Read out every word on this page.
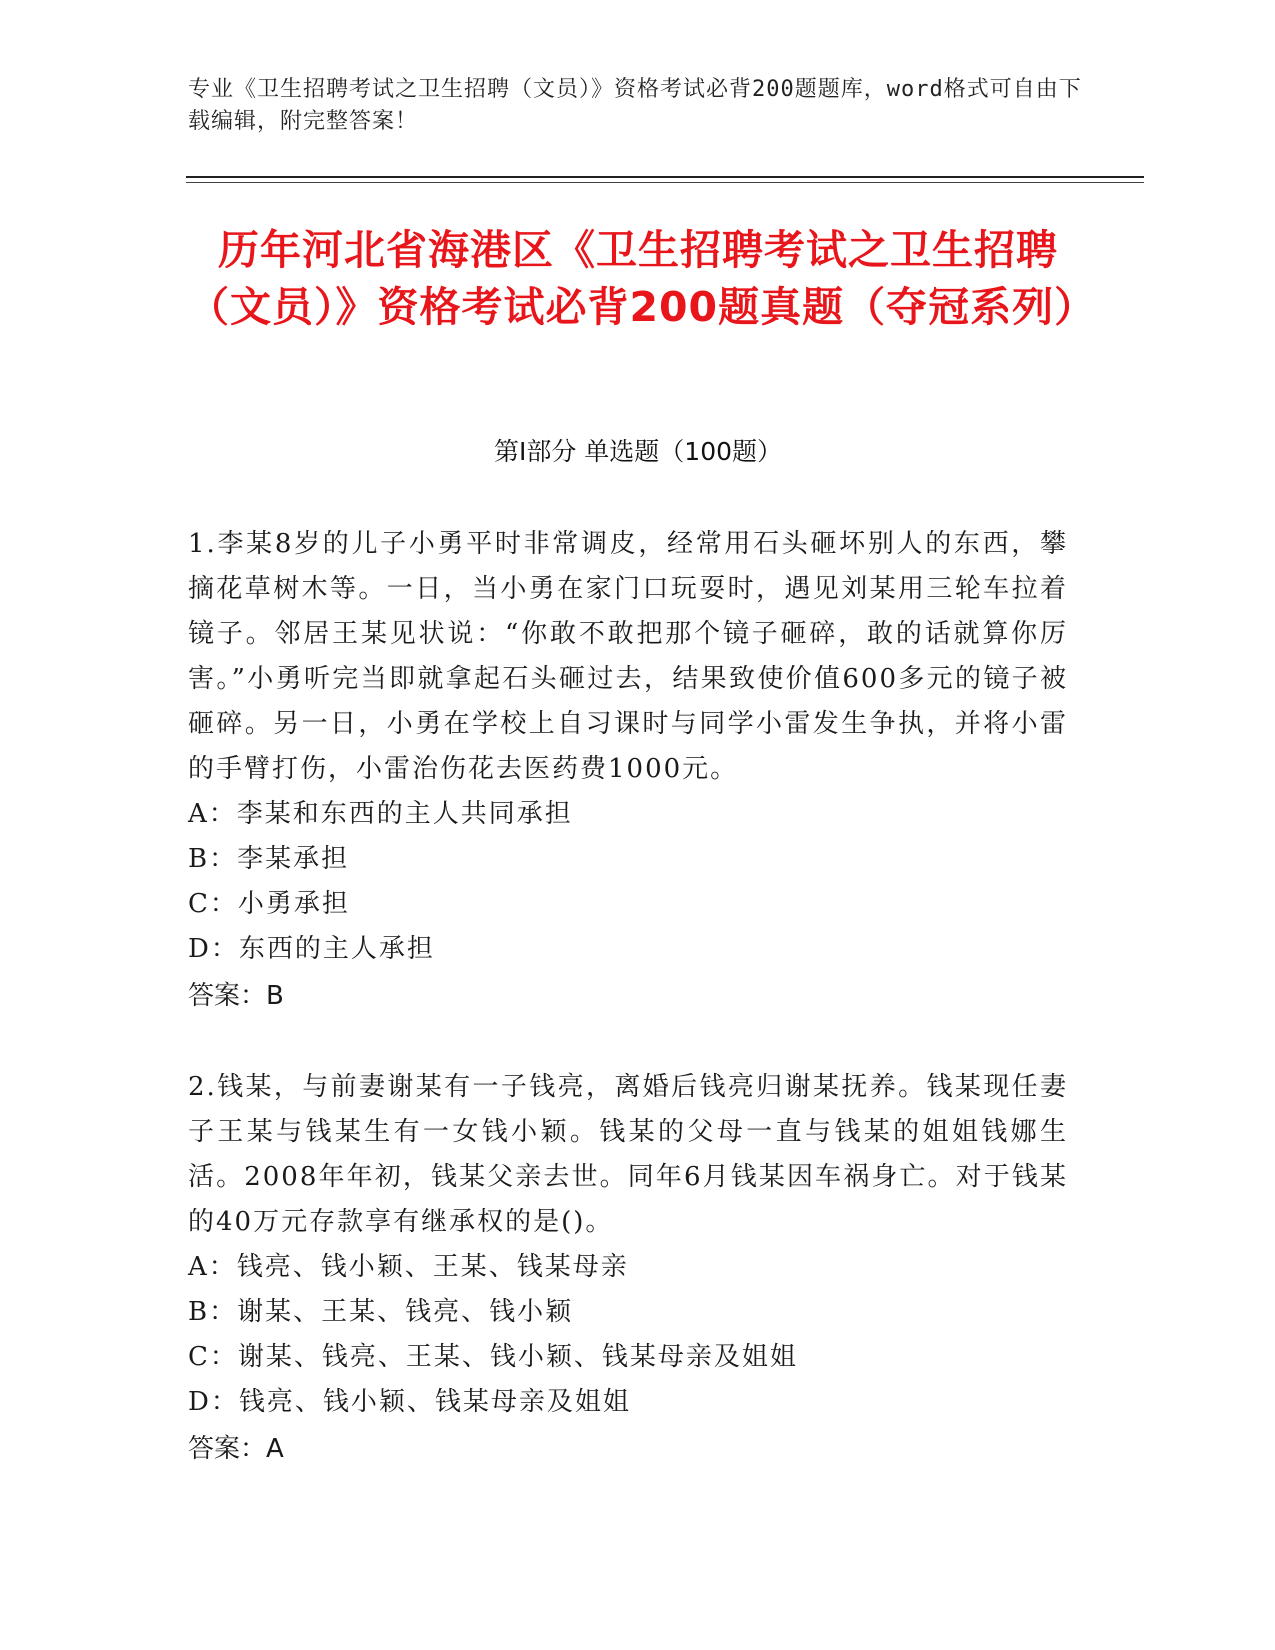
专业《卫生招聘考试之卫生招聘（文员）》资格考试必背200题题库，word格式可自由下载编辑，附完整答案！
历年河北省海港区《卫生招聘考试之卫生招聘（文员）》资格考试必背200题真题（夺冠系列）
第Ⅰ部分 单选题（100题）

1.李某8岁的儿子小勇平时非常调皮，经常用石头砸坏别人的东西，攀摘花草树木等。一日，当小勇在家门口玩耍时，遇见刘某用三轮车拉着镜子。邻居王某见状说：“你敢不敢把那个镜子砸碎，敢的话就算你厉害。”小勇听完当即就拿起石头砸过去，结果致使价值600多元的镜子被砸碎。另一日，小勇在学校上自习课时与同学小雷发生争执，并将小雷的手臂打伤，小雷治伤花去医药费1000元。

A：李某和东西的主人共同承担
B：李某承担
C：小勇承担
D：东西的主人承担
答案：B

2.钱某，与前妻谢某有一子钱亮，离婚后钱亮归谢某抚养。钱某现任妻子王某与钱某生有一女钱小颖。钱某的父母一直与钱某的姐姐钱娜生活。2008年年初，钱某父亲去世。同年6月钱某因车祸身亡。对于钱某的40万元存款享有继承权的是()。

A：钱亮、钱小颖、王某、钱某母亲
B：谢某、王某、钱亮、钱小颖
C：谢某、钱亮、王某、钱小颖、钱某母亲及姐姐
D：钱亮、钱小颖、钱某母亲及姐姐
答案：A
